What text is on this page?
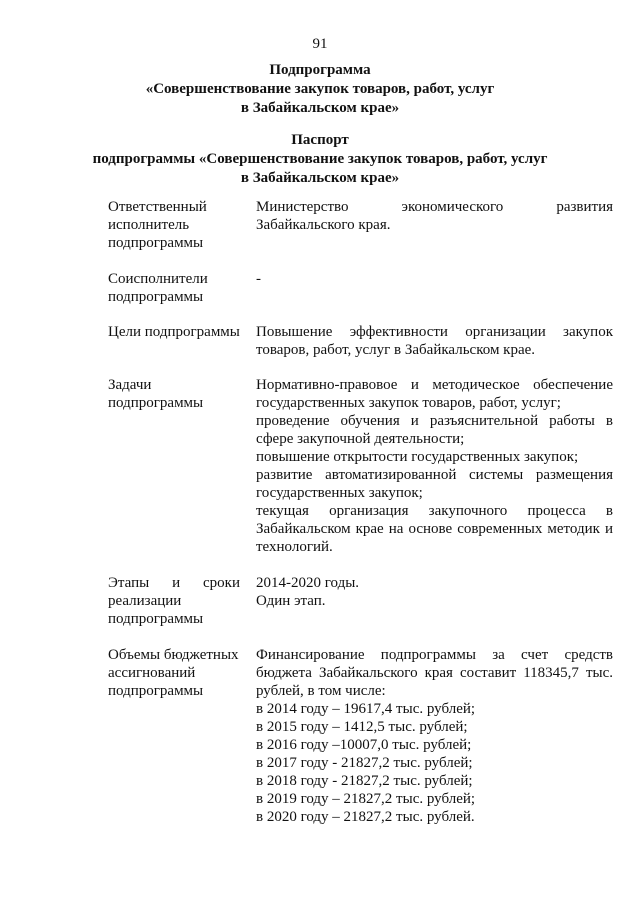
91
Подпрограмма
«Совершенствование закупок товаров, работ, услуг
в Забайкальском крае»
Паспорт
подпрограммы «Совершенствование закупок товаров, работ, услуг
в Забайкальском крае»
Ответственный исполнитель подпрограммы
Министерство экономического развития Забайкальского края.
Соисполнители подпрограммы
-
Цели подпрограммы Повышение эффективности организации закупок товаров, работ, услуг в Забайкальском крае.
Задачи подпрограммы
Нормативно-правовое и методическое обеспечение государственных закупок товаров, работ, услуг;
проведение обучения и разъяснительной работы в сфере закупочной деятельности;
повышение открытости государственных закупок;
развитие автоматизированной системы размещения государственных закупок;
текущая организация закупочного процесса в Забайкальском крае на основе современных методик и технологий.
Этапы и сроки реализации подпрограммы
2014-2020 годы.
Один этап.
Объемы бюджетных ассигнований подпрограммы
Финансирование подпрограммы за счет средств бюджета Забайкальского края составит 118345,7 тыс. рублей, в том числе:
в 2014 году – 19617,4 тыс. рублей;
в 2015 году – 1412,5 тыс. рублей;
в 2016 году –10007,0 тыс. рублей;
в 2017 году - 21827,2 тыс. рублей;
в 2018 году - 21827,2 тыс. рублей;
в 2019 году – 21827,2 тыс. рублей;
в 2020 году – 21827,2 тыс. рублей.
